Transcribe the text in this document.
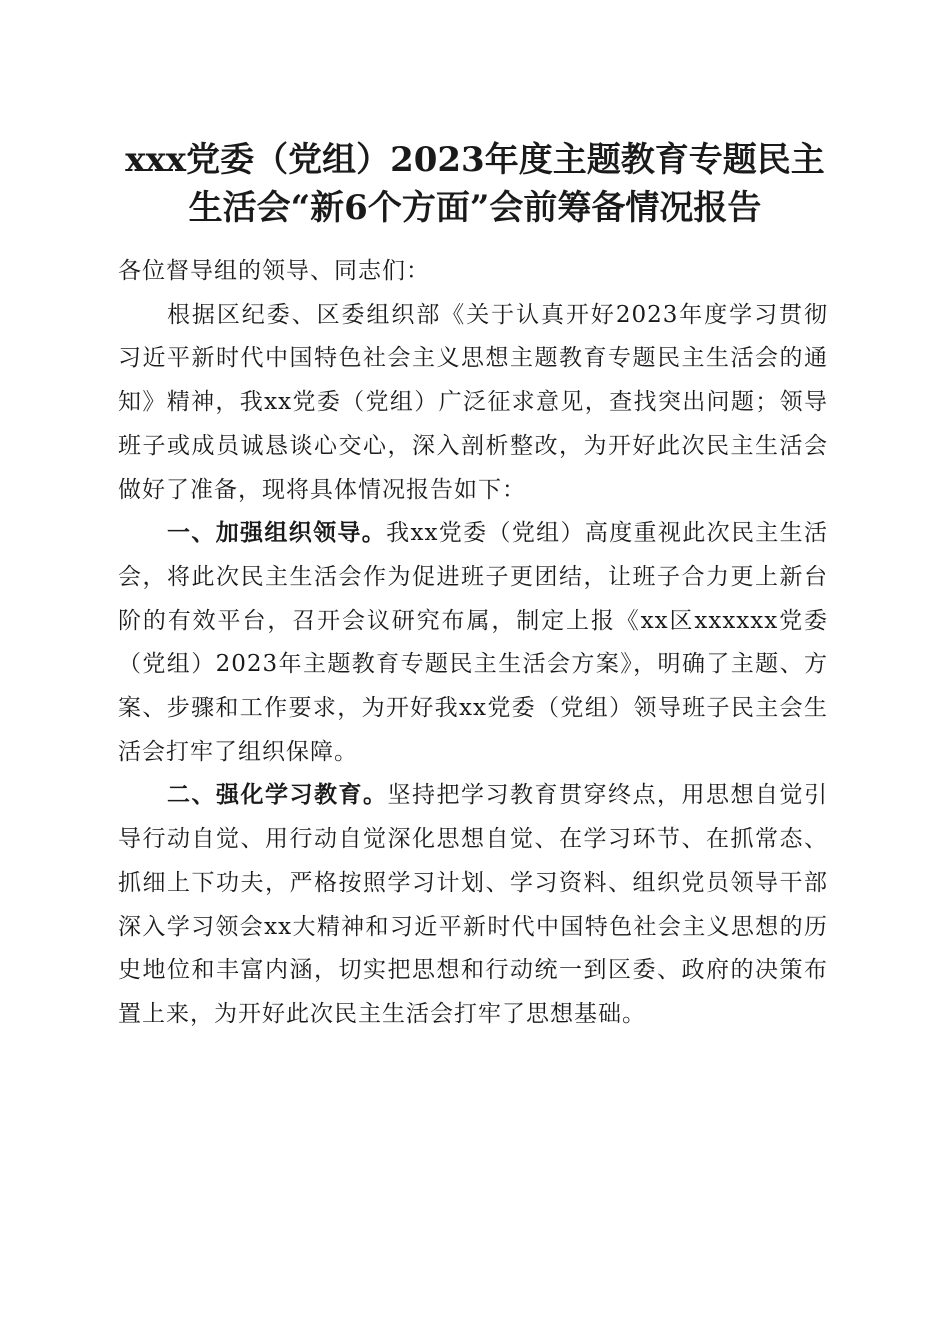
xxx党委（党组）2023年度主题教育专题民主
生活会“新6个方面”会前筹备情况报告

各位督导组的领导、同志们：

根据区纪委、区委组织部《关于认真开好2023年度学习贯彻习近平新时代中国特色社会主义思想主题教育专题民主生活会的通知》精神，我xx党委（党组）广泛征求意见，查找突出问题；领导班子或成员诚恳谈心交心，深入剖析整改，为开好此次民主生活会做好了准备，现将具体情况报告如下：

一、加强组织领导。我xx党委（党组）高度重视此次民主生活会，将此次民主生活会作为促进班子更团结，让班子合力更上新台阶的有效平台，召开会议研究布属，制定上报《xx区xxxxxx党委（党组）2023年主题教育专题民主生活会方案》，明确了主题、方案、步骤和工作要求，为开好我xx党委（党组）领导班子民主会生活会打牢了组织保障。

二、强化学习教育。坚持把学习教育贯穿终点，用思想自觉引导行动自觉、用行动自觉深化思想自觉、在学习环节、在抓常态、抓细上下功夫，严格按照学习计划、学习资料、组织党员领导干部深入学习领会xx大精神和习近平新时代中国特色社会主义思想的历史地位和丰富内涵，切实把思想和行动统一到区委、政府的决策布置上来，为开好此次民主生活会打牢了思想基础。
